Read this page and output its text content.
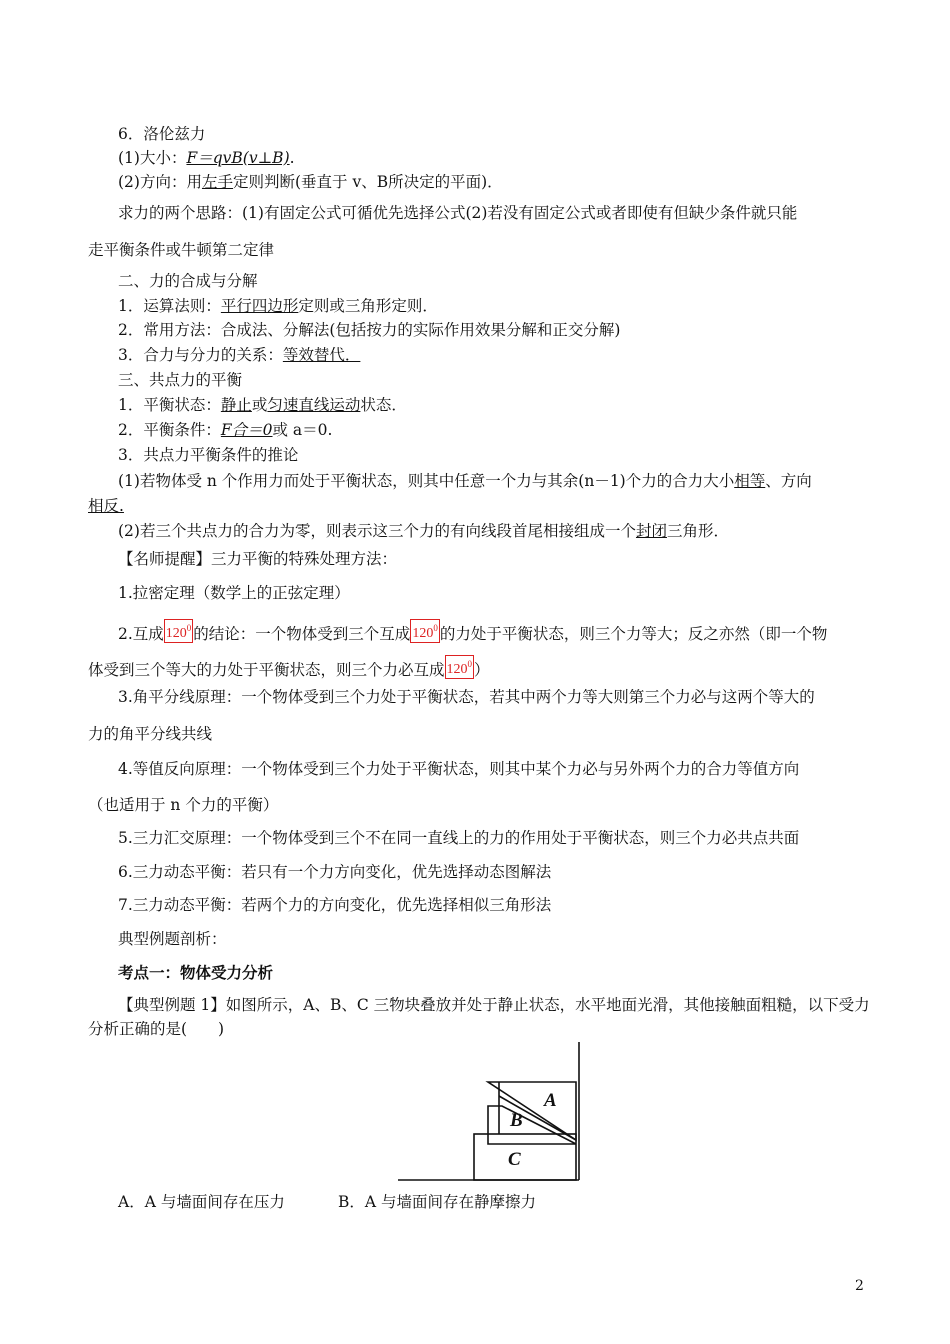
6．洛伦兹力
(1)大小：F＝qvB(v⊥B).
(2)方向：用左手定则判断(垂直于 v、B所决定的平面)．
求力的两个思路：(1)有固定公式可循优先选择公式(2)若没有固定公式或者即使有但缺少条件就只能
走平衡条件或牛顿第二定律
二、力的合成与分解
1．运算法则：平行四边形定则或三角形定则．
2．常用方法：合成法、分解法(包括按力的实际作用效果分解和正交分解)
3．合力与分力的关系：等效替代．
三、共点力的平衡
1．平衡状态：静止或匀速直线运动状态．
2．平衡条件：F合＝0或 a＝0.
3．共点力平衡条件的推论
(1)若物体受 n 个作用力而处于平衡状态，则其中任意一个力与其余(n－1)个力的合力大小相等、方向
相反.
(2)若三个共点力的合力为零，则表示这三个力的有向线段首尾相接组成一个封闭三角形．
【名师提醒】三力平衡的特殊处理方法：
1.拉密定理（数学上的正弦定理）
2.互成 $120^0$ 的结论：一个物体受到三个互成 $120^0$ 的力处于平衡状态，则三个力等大；反之亦然（即一个物
体受到三个等大的力处于平衡状态，则三个力必互成 $120^0$ ）
3.角平分线原理：一个物体受到三个力处于平衡状态，若其中两个力等大则第三个力必与这两个等大的
力的角平分线共线
4.等值反向原理：一个物体受到三个力处于平衡状态，则其中某个力必与另外两个力的合力等值方向
（也适用于 n 个力的平衡）
5.三力汇交原理：一个物体受到三个不在同一直线上的力的作用处于平衡状态，则三个力必共点共面
6.三力动态平衡：若只有一个力方向变化，优先选择动态图解法
7.三力动态平衡：若两个力的方向变化，优先选择相似三角形法
典型例题剖析：
考点一：物体受力分析
【典型例题 1】如图所示，A、B、C 三物块叠放并处于静止状态，水平地面光滑，其他接触面粗糙，以下受力
分析正确的是(　　)
A
B
C
A．A 与墙面间存在压力	B．A 与墙面间存在静摩擦力
2
